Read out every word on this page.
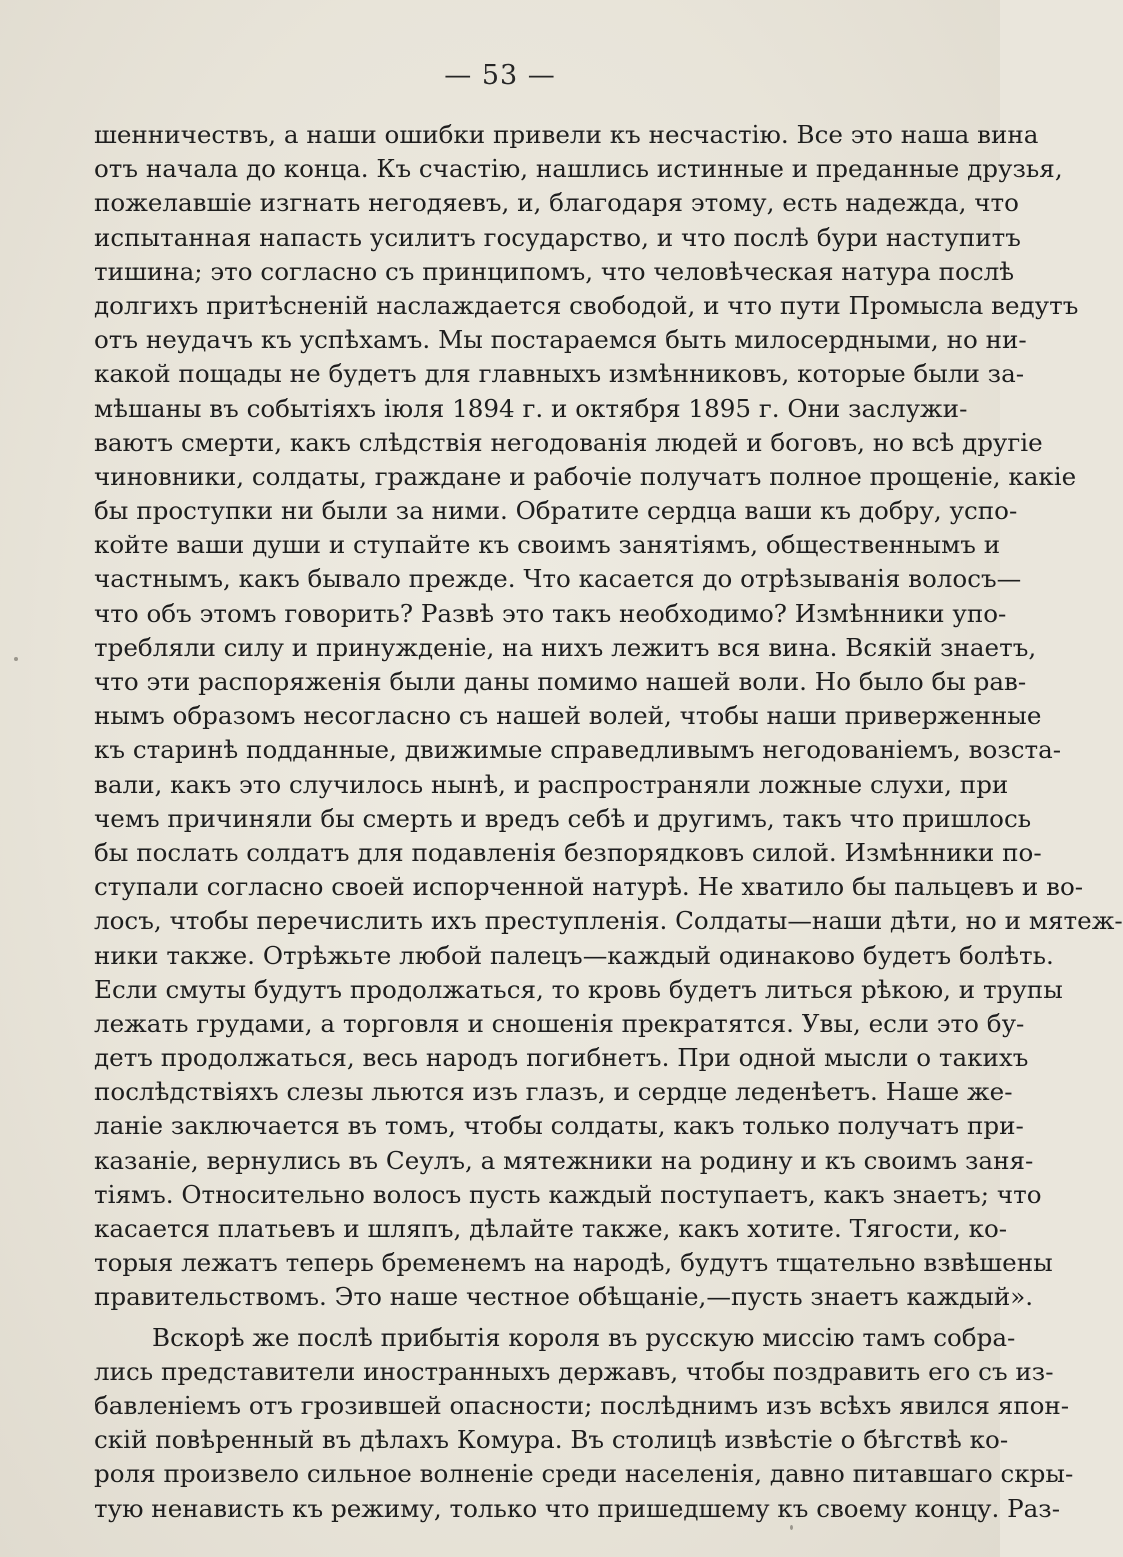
— 53 —
шенничествъ, а наши ошибки привели къ несчастію. Все это наша вина
отъ начала до конца. Къ счастію, нашлись истинные и преданные друзья,
пожелавшіе изгнать негодяевъ, и, благодаря этому, есть надежда, что
испытанная напасть усилитъ государство, и что послѣ бури наступитъ
тишина; это согласно съ принципомъ, что человѣческая натура послѣ
долгихъ притѣсненій наслаждается свободой, и что пути Промысла ведутъ
отъ неудачъ къ успѣхамъ. Мы постараемся быть милосердными, но ни-
какой пощады не будетъ для главныхъ измѣнниковъ, которые были за-
мѣшаны въ событіяхъ іюля 1894 г. и октября 1895 г. Они заслужи-
ваютъ смерти, какъ слѣдствія негодованія людей и боговъ, но всѣ другіе
чиновники, солдаты, граждане и рабочіе получатъ полное прощеніе, какіе
бы проступки ни были за ними. Обратите сердца ваши къ добру, успо-
койте ваши души и ступайте къ своимъ занятіямъ, общественнымъ и
частнымъ, какъ бывало прежде. Что касается до отрѣзыванія волосъ—
что объ этомъ говорить? Развѣ это такъ необходимо? Измѣнники упо-
требляли силу и принужденіе, на нихъ лежитъ вся вина. Всякій знаетъ,
что эти распоряженія были даны помимо нашей воли. Но было бы рав-
нымъ образомъ несогласно съ нашей волей, чтобы наши приверженные
къ старинѣ подданные, движимые справедливымъ негодованіемъ, возста-
вали, какъ это случилось нынѣ, и распространяли ложные слухи, при
чемъ причиняли бы смерть и вредъ себѣ и другимъ, такъ что пришлось
бы послать солдатъ для подавленія безпорядковъ силой. Измѣнники по-
ступали согласно своей испорченной натурѣ. Не хватило бы пальцевъ и во-
лосъ, чтобы перечислить ихъ преступленія. Солдаты—наши дѣти, но и мятеж-
ники также. Отрѣжьте любой палецъ—каждый одинаково будетъ болѣть.
Если смуты будутъ продолжаться, то кровь будетъ литься рѣкою, и трупы
лежать грудами, а торговля и сношенія прекратятся. Увы, если это бу-
детъ продолжаться, весь народъ погибнетъ. При одной мысли о такихъ
послѣдствіяхъ слезы льются изъ глазъ, и сердце леденѣетъ. Наше же-
ланіе заключается въ томъ, чтобы солдаты, какъ только получатъ при-
казаніе, вернулись въ Сеулъ, а мятежники на родину и къ своимъ заня-
тіямъ. Относительно волосъ пусть каждый поступаетъ, какъ знаетъ; что
касается платьевъ и шляпъ, дѣлайте также, какъ хотите. Тягости, ко-
торыя лежатъ теперь бременемъ на народѣ, будутъ тщательно взвѣшены
правительствомъ. Это наше честное обѣщаніе,—пусть знаетъ каждый».
Вскорѣ же послѣ прибытія короля въ русскую миссію тамъ собра-
лись представители иностранныхъ державъ, чтобы поздравить его съ из-
бавленіемъ отъ грозившей опасности; послѣднимъ изъ всѣхъ явился япон-
скій повѣренный въ дѣлахъ Комура. Въ столицѣ извѣстіе о бѣгствѣ ко-
роля произвело сильное волненіе среди населенія, давно питавшаго скры-
тую ненависть къ режиму, только что пришедшему къ своему концу. Раз-
